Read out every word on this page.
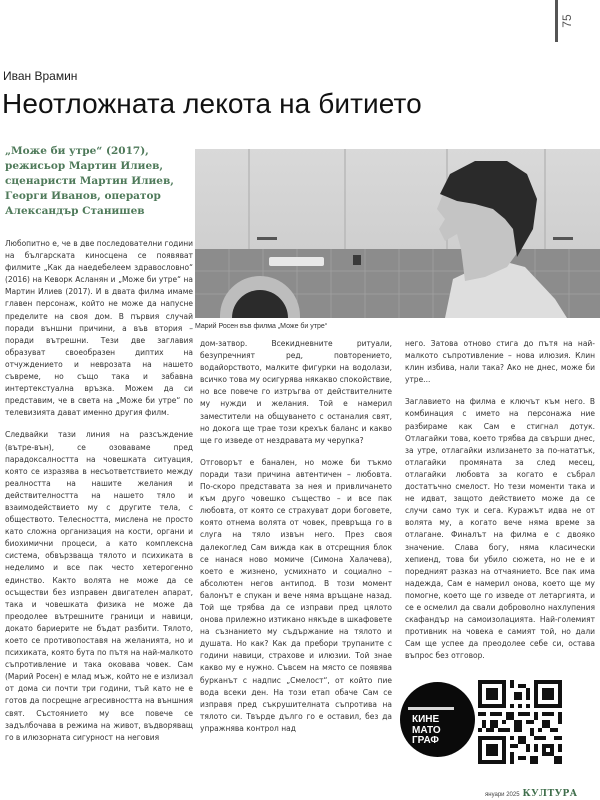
75
Иван Врамин
Неотложната лекота на битието
„Може би утре“ (2017),
режисьор Мартин Илиев,
сценаристи Мартин Илиев,
Георги Иванов, оператор
Александър Станишев
Марий Росен във филма „Може би утре“

Любопитно е, че в две последователни години на българската киносцена се появяват филмите „Как да наедебелеем здравословно“ (2016) на Кеворк Асланян и „Може би утре“ на Мартин Илиев (2017). И в двата филма имаме главен персонаж, който не може да напусне пределите на своя дом. В първия случай поради външни причини, а във втория – поради вътрешни. Тези две заглавия образуват своеобразен диптих на отчуждението и неврозата на нашето съвреме, но също така и забавна интертекстуална връзка. Можем да си представим, че в света на „Може би утре“ по телевизията дават именно другия филм.

Следвайки тази линия на разсъждение (вътре-вън), се озоваваме пред парадоксалността на човешката ситуация, която се изразява в несъответствието между реалността на нашите желания и действителността на нашето тяло и взаимодействието му с другите тела, с обществото. Телесността, мислена не просто като сложна организация на кости, органи и биохимични процеси, а като комплексна система, обвързваща тялото и психиката в неделимо и все пак често хетерогенно единство. Както волята не може да се осъществи без изправен двигателен апарат, така и човешката физика не може да преодолее вътрешните граници и навици, докато бариерите не бъдат разбити. Тялото, което се противопоставя на желанията, но и психиката, която бута по пътя на най-малкото съпротивление и така оковава човек. Сам (Марий Росен) е млад мъж, който не е излизал от дома си почти три години, тъй като не е готов да посрещне агресивността на външния свят. Състоянието му все повече се задълбочава в режима на живот, въдворяващ го в илюзорната сигурност на неговия

дом-затвор. Всекидневните ритуали, безупречният ред, повторението, водайорството, малките фигурки на водолази, всичко това му осигурява някакво спокойствие, но все повече го изтръгва от действителните му нужди и желания. Той е намерил заместители на общуването с останалия свят, но докога ще трае този крехък баланс и какво ще го изведе от нездравата му черупка?

Отговорът е банален, но може би тъкмо поради тази причина автентичен – любовта. По-скоро представата за нея и привличането към друго човешко същество – и все пак любовта, от която се страхуват дори боговете, която отнема волята от човек, превръща го в слуга на тяло извън него. През своя далекоглед Сам вижда как в отсрещния блок се нанася ново момиче (Симона Халачева), което е жизнено, усмихнато и социално – абсолютен негов антипод. В този момент балонът е спукан и вече няма връщане назад. Той ще трябва да се изправи пред цялото онова прилежно изтикано някъде в шкафовете на съзнанието му съдържание на тялото и душата. Но как? Как да пребори трупаните с години навици, страхове и илюзии. Той знае какво му е нужно. Съвсем на място се появява бурканът с надпис „Смелост“, от който пие вода всеки ден. На този етап обаче Сам се изправя пред съкрушителната съпротива на тялото си. Твърде дълго го е оставил, без да упражнява контрол над

него. Затова отново стига до пътя на най-малкото съпротивление – нова илюзия. Клин клин избива, нали така? Ако не днес, може би утре...

Заглавието на филма е ключът към него. В комбинация с името на персонажа ние разбираме как Сам е стигнал дотук. Отлагайки това, което трябва да свърши днес, за утре, отлагайки излизането за по-нататък, отлагайки промяната за след месец, отлагайки любовта за когато е събрал достатъчно смелост. Но тези моменти така и не идват, защото действието може да се случи само тук и сега. Куражът идва не от волята му, а когато вече няма време за отлагане. Финалът на филма е с двояко значение. Слава богу, няма класически хепиенд, това би убило сюжета, но не е и поредният разказ на отчаянието. Все пак има надежда, Сам е намерил онова, което ще му помогне, което ще го изведе от летаргията, и се е осмелил да свали доброволно нахлупения скафандър на самоизолацията. Най-големият противник на човека е самият той, но дали Сам ще успее да преодолее себе си, остава въпрос без отговор.

КИНЕ
МАТО
ГРАФ
януари 2025 КУЛТУРА
